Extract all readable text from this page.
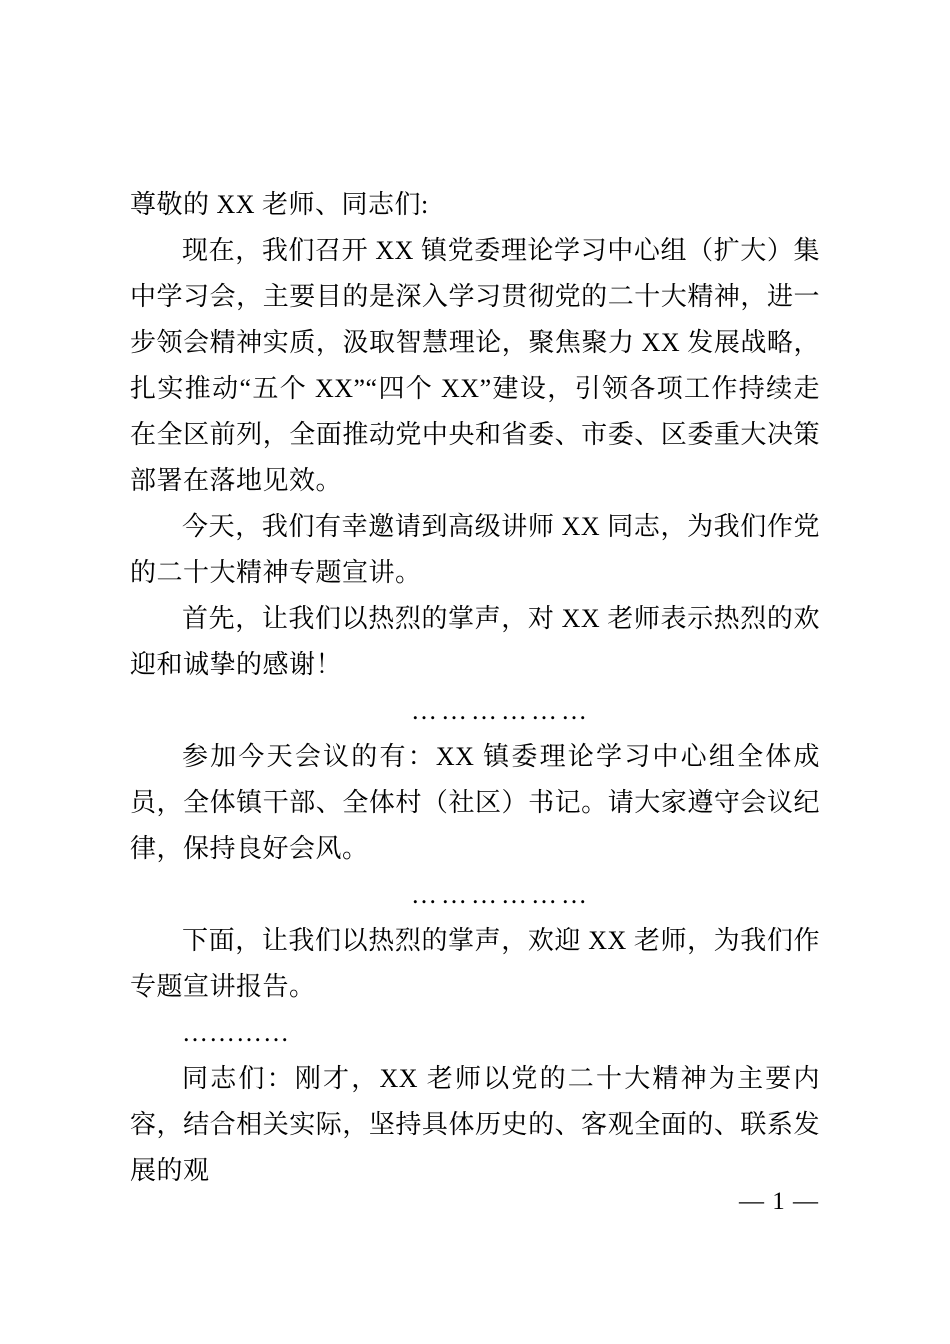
尊敬的 XX 老师、同志们:

现在，我们召开 XX 镇党委理论学习中心组（扩大）集中学习会，主要目的是深入学习贯彻党的二十大精神，进一步领会精神实质，汲取智慧理论，聚焦聚力 XX 发展战略，扎实推动“五个 XX”“四个 XX”建设，引领各项工作持续走在全区前列，全面推动党中央和省委、市委、区委重大决策部署在落地见效。

今天，我们有幸邀请到高级讲师 XX 同志，为我们作党的二十大精神专题宣讲。

首先，让我们以热烈的掌声，对 XX 老师表示热烈的欢迎和诚挚的感谢！

………………

参加今天会议的有：XX 镇委理论学习中心组全体成员，全体镇干部、全体村（社区）书记。请大家遵守会议纪律，保持良好会风。

………………

下面，让我们以热烈的掌声，欢迎 XX 老师，为我们作专题宣讲报告。

…………

同志们：刚才，XX 老师以党的二十大精神为主要内容，结合相关实际，坚持具体历史的、客观全面的、联系发展的观

— 1 —
